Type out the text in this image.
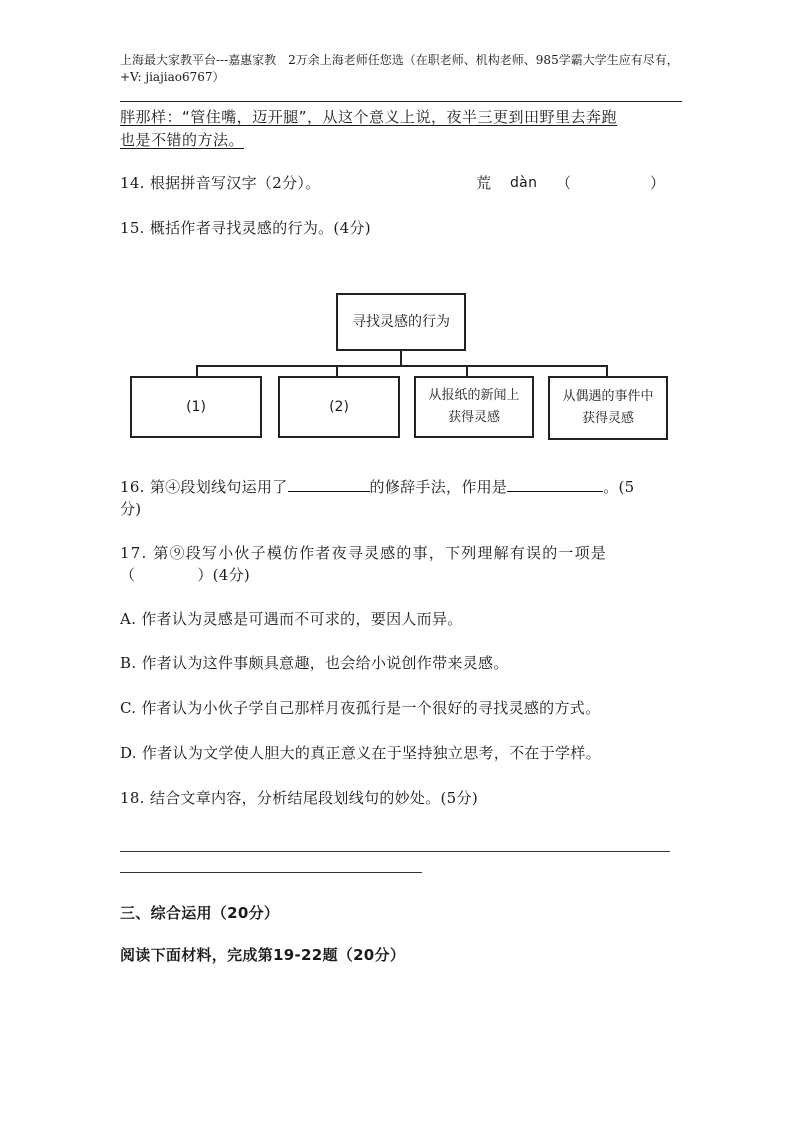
上海最大家教平台---嘉惠家教　2万余上海老师任您选（在职老师、机构老师、985学霸大学生应有尽有，+V: jiajiao6767）
胖那样：“管住嘴，迈开腿”，从这个意义上说，夜半三更到田野里去奔跑
也是不错的方法。
14. 根据拼音写汉字（2分）。	荒 dàn （	）
15. 概括作者寻找灵感的行为。(4分)
寻找灵感的行为
(1)	(2)
从报纸的新闻上
获得灵感
从偶遇的事件中
获得灵感
16. 第④段划线句运用了	的修辞手法，作用是	。(5
分)
17. 第⑨段写小伙子模仿作者夜寻灵感的事，下列理解有误的一项是
（	）(4分)
A. 作者认为灵感是可遇而不可求的，要因人而异。
B. 作者认为这件事颇具意趣，也会给小说创作带来灵感。
C. 作者认为小伙子学自己那样月夜孤行是一个很好的寻找灵感的方式。
D. 作者认为文学使人胆大的真正意义在于坚持独立思考，不在于学样。
18. 结合文章内容，分析结尾段划线句的妙处。(5分)
三、综合运用（20分）
阅读下面材料，完成第19-22题（20分）
